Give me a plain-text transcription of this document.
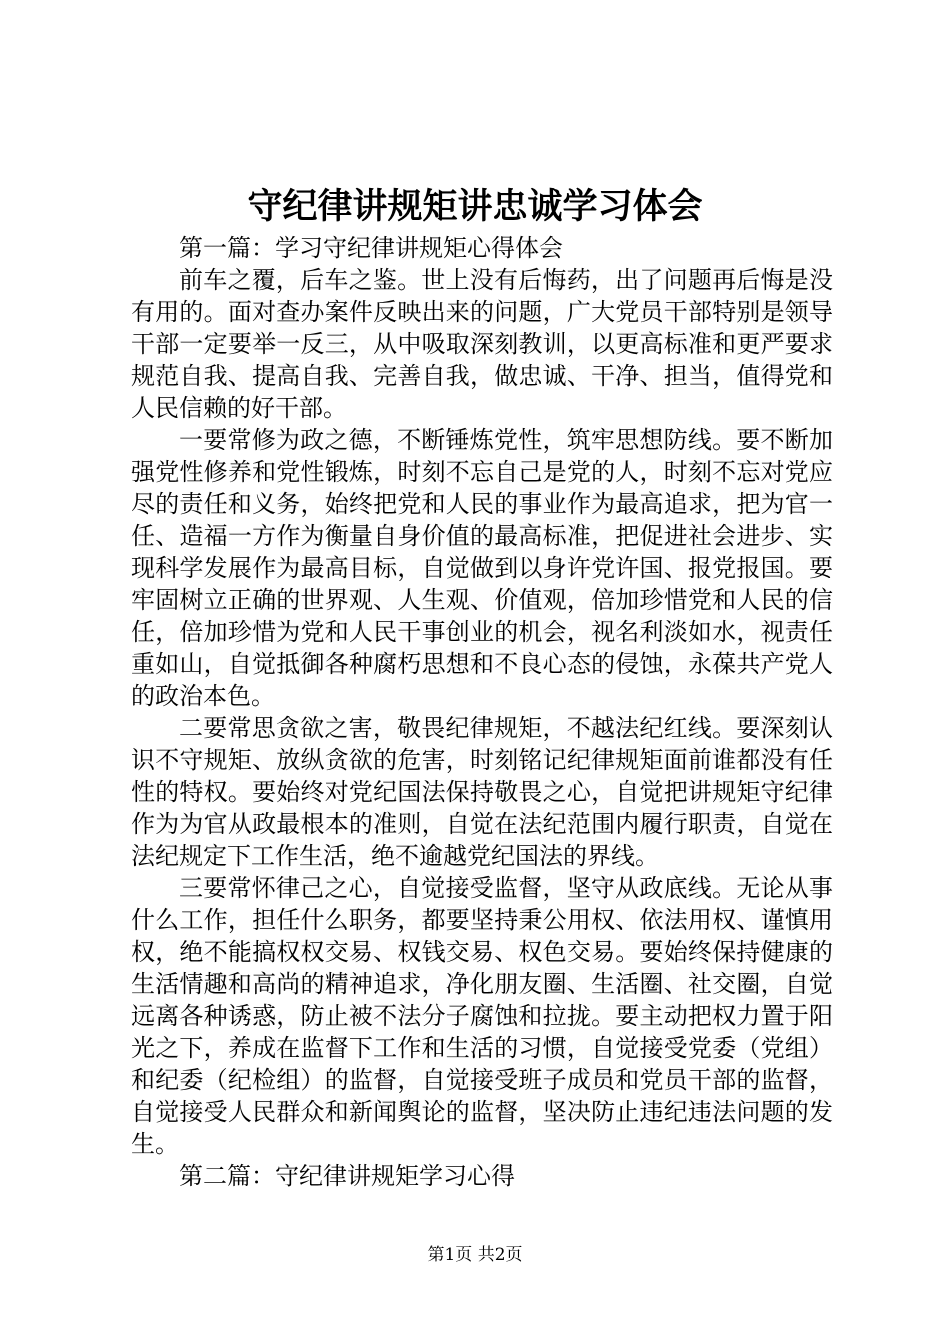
守纪律讲规矩讲忠诚学习体会

第一篇：学习守纪律讲规矩心得体会

前车之覆，后车之鉴。世上没有后悔药，出了问题再后悔是没有用的。面对查办案件反映出来的问题，广大党员干部特别是领导干部一定要举一反三，从中吸取深刻教训，以更高标准和更严要求规范自我、提高自我、完善自我，做忠诚、干净、担当，值得党和人民信赖的好干部。

一要常修为政之德，不断锤炼党性，筑牢思想防线。要不断加强党性修养和党性锻炼，时刻不忘自己是党的人，时刻不忘对党应尽的责任和义务，始终把党和人民的事业作为最高追求，把为官一任、造福一方作为衡量自身价值的最高标准，把促进社会进步、实现科学发展作为最高目标，自觉做到以身许党许国、报党报国。要牢固树立正确的世界观、人生观、价值观，倍加珍惜党和人民的信任，倍加珍惜为党和人民干事创业的机会，视名利淡如水，视责任重如山，自觉抵御各种腐朽思想和不良心态的侵蚀，永葆共产党人的政治本色。

二要常思贪欲之害，敬畏纪律规矩，不越法纪红线。要深刻认识不守规矩、放纵贪欲的危害，时刻铭记纪律规矩面前谁都没有任性的特权。要始终对党纪国法保持敬畏之心，自觉把讲规矩守纪律作为为官从政最根本的准则，自觉在法纪范围内履行职责，自觉在法纪规定下工作生活，绝不逾越党纪国法的界线。

三要常怀律己之心，自觉接受监督，坚守从政底线。无论从事什么工作，担任什么职务，都要坚持秉公用权、依法用权、谨慎用权，绝不能搞权权交易、权钱交易、权色交易。要始终保持健康的生活情趣和高尚的精神追求，净化朋友圈、生活圈、社交圈，自觉远离各种诱惑，防止被不法分子腐蚀和拉拢。要主动把权力置于阳光之下，养成在监督下工作和生活的习惯，自觉接受党委（党组）和纪委（纪检组）的监督，自觉接受班子成员和党员干部的监督，自觉接受人民群众和新闻舆论的监督，坚决防止违纪违法问题的发生。

第二篇：守纪律讲规矩学习心得

第1页 共2页
